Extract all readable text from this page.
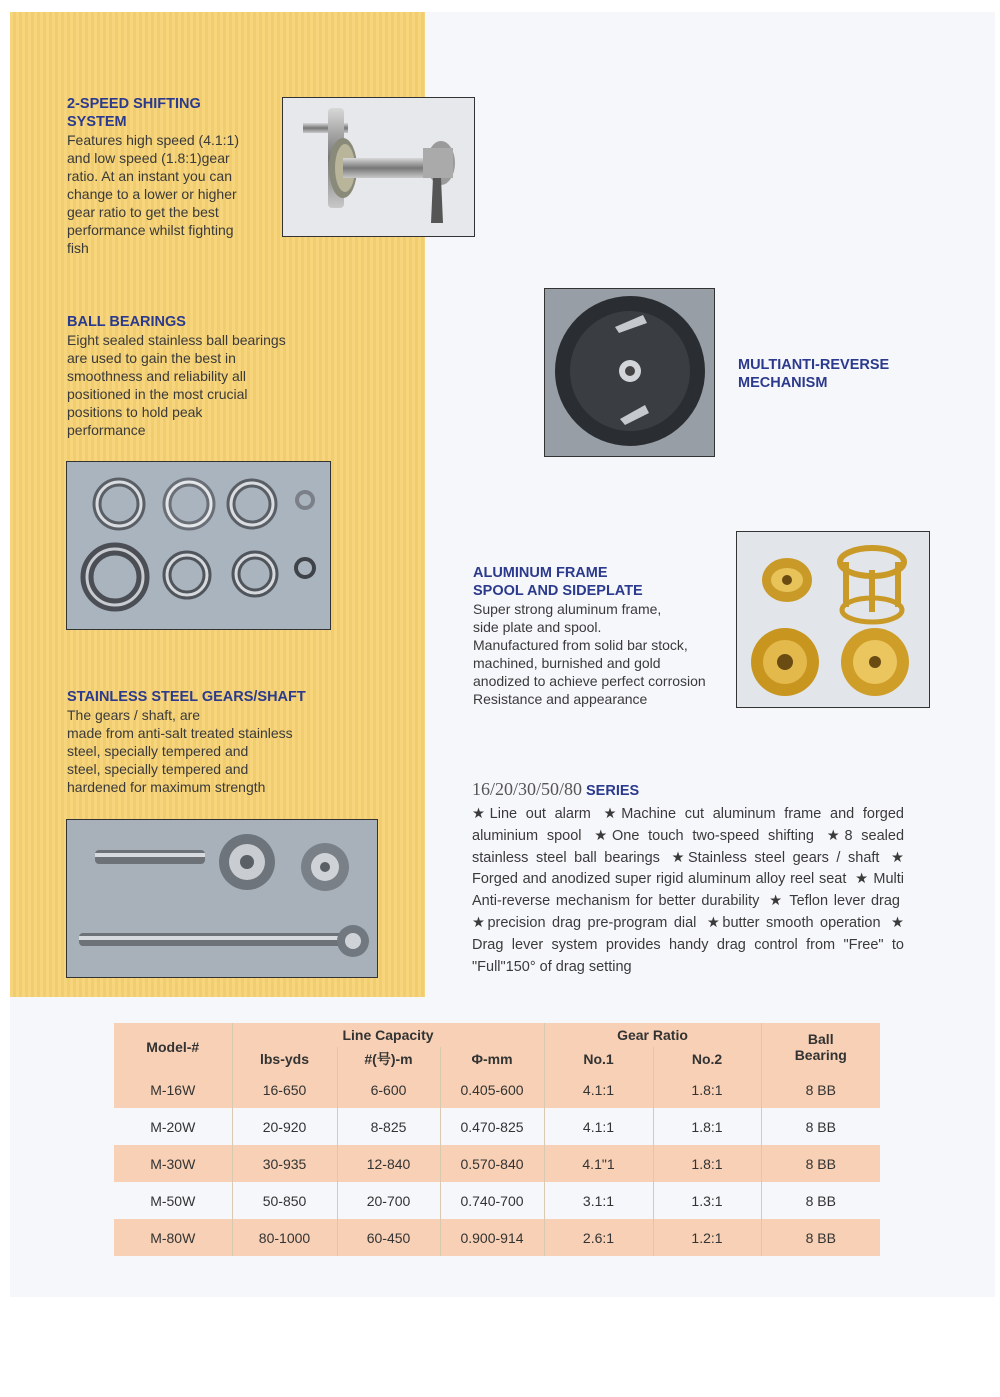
2-SPEED SHIFTING
SYSTEM
Features high speed (4.1:1)
and low speed (1.8:1)gear
ratio. At an instant you can
change to a lower or higher
gear ratio to get the best
performance whilst fighting
fish
BALL BEARINGS
Eight sealed stainless ball bearings
are used to gain the best in
smoothness and reliability all
positioned in the most crucial
positions to hold peak
performance
STAINLESS STEEL GEARS/SHAFT
The gears / shaft, are
made from anti-salt treated stainless
steel, specially tempered and
steel, specially tempered and
hardened for maximum strength
MULTIANTI-REVERSE
MECHANISM
ALUMINUM FRAME
SPOOL AND SIDEPLATE
Super strong aluminum frame,
side plate and spool.
Manufactured from solid bar stock,
machined, burnished and gold
anodized to achieve perfect corrosion
Resistance and appearance
16/20/30/50/80 SERIES
★Line out alarm ★Machine cut aluminum frame and forged aluminium spool ★One touch two-speed shifting ★8 sealed stainless steel ball bearings ★Stainless steel gears / shaft ★ Forged and anodized super rigid aluminum alloy reel seat ★ Multi Anti-reverse mechanism for better durability ★ Teflon lever drag ★precision drag pre-program dial ★butter smooth operation ★ Drag lever system provides handy drag control from "Free" to "Full"150° of drag setting
Model-#	Line Capacity			Gear Ratio		Ball
Bearing
	lbs-yds	#(号)-m	Φ-mm	No.1	No.2	
M-16W	16-650	6-600	0.405-600	4.1:1	1.8:1	8 BB
M-20W	20-920	8-825	0.470-825	4.1:1	1.8:1	8 BB
M-30W	30-935	12-840	0.570-840	4.1"1	1.8:1	8 BB
M-50W	50-850	20-700	0.740-700	3.1:1	1.3:1	8 BB
M-80W	80-1000	60-450	0.900-914	2.6:1	1.2:1	8 BB
